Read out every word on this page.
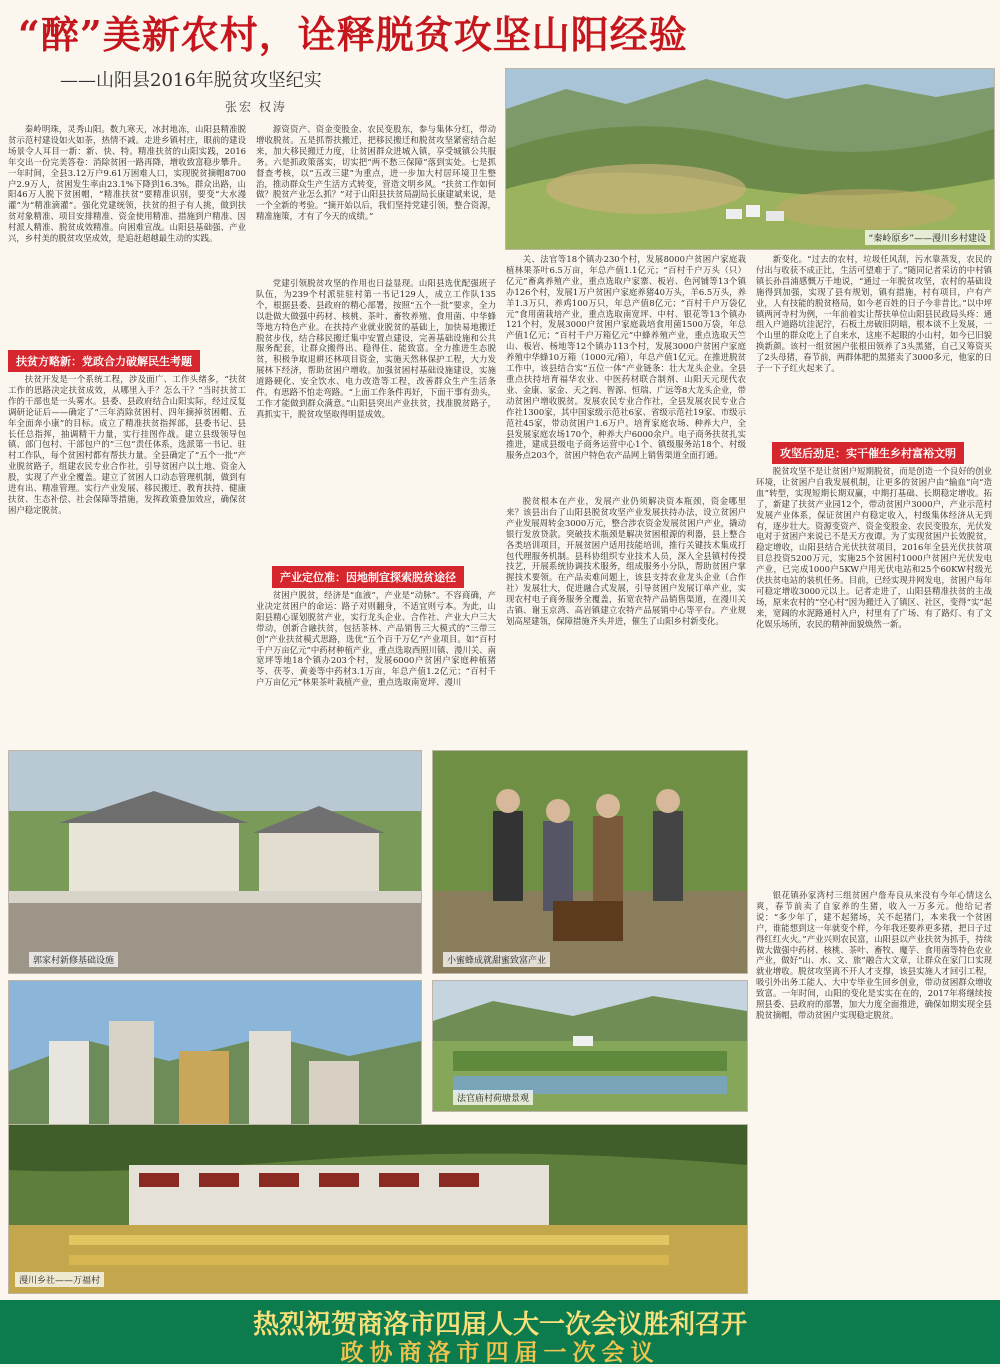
“醉”美新农村，诠释脱贫攻坚山阳经验
——山阳县2016年脱贫攻坚纪实
张宏 权涛
“秦岭原乡”——漫川乡村建设

秦岭明珠，灵秀山阳。数九寒天，冰封地冻，山阳县精准脱贫示范村建设如火如荼，热情不减。走进乡镇村庄，眼前的建设场景令人耳目一新：新、快、特。精准扶贫的山阳实践，2016年交出一份完美答卷：消除贫困一路再降，增收致富稳步攀升。一年时间，全县3.12万户9.61万困难人口，实现脱贫摘帽8700户2.9万人，贫困发生率由23.1%下降到16.3%。群众出路，山阳46万人脱下贫困帽，“精准扶贫”要精准识别，要变“大水漫灌”为“精准滴灌”。强化党建统领，扶贫的担子有人挑，做到扶贫对象精准、项目安排精准、资金使用精准、措施到户精准、因村派人精准、脱贫成效精准。向困难宣战。山阳县基础强、产业兴，乡村美的脱贫攻坚成效，是追赶超越最生动的实践。

扶贫方略新：党政合力破解民生考题

扶贫开发是一个系统工程，涉及面广、工作头绪多，“扶贫工作的思路决定扶贫成效，从哪里入手？怎么干？”当时扶贫工作的干部也是一头雾水。县委、县政府结合山阳实际，经过反复调研论证后——确定了“三年消除贫困村、四年摘掉贫困帽、五年全面奔小康”的目标。成立了精准扶贫指挥部，县委书记、县长任总指挥，抽调精干力量，实行挂图作战。建立县级领导包镇、部门包村、干部包户的“三包”责任体系，选派第一书记、驻村工作队，每个贫困村都有帮扶力量。全县确定了“五个一批”产业脱贫路子，组建农民专业合作社，引导贫困户以土地、资金入股，实现了产业全覆盖。建立了贫困人口动态管理机制，做到有进有出、精准管理。实行产业发展、移民搬迁、教育扶持、健康扶贫、生态补偿、社会保障等措施，发挥政策叠加效应，确保贫困户稳定脱贫。

源资资产、资金变股金、农民变股东，参与集体分红，带动增收脱贫。五是抓帮扶搬迁，把移民搬迁和脱贫攻坚紧密结合起来，加大移民搬迁力度，让贫困群众进城入镇，享受城镇公共服务。六是抓政策落实，切实把“两不愁三保障”落到实处。七是抓督查考核，以“五改三建”为重点，进一步加大村居环境卫生整治，推动群众生产生活方式转变，营造文明乡风。“扶贫工作如何做？脱贫产业怎么抓？”对于山阳县扶贫局副局长康建斌来说，是一个全新的考验。“摘开始以后，我们坚持党建引领，整合资源，精准施策，才有了今天的成绩。”

党建引领脱贫攻坚的作用也日益显现。山阳县选优配强班子队伍，为239个村派驻驻村第一书记129人，成立工作队135个，根据县委、县政府的精心部署，按照“五个一批”要求，全力以赴做大做强中药材、核桃、茶叶、畜牧养殖、食用菌、中华蜂等地方特色产业。在扶持产业就业脱贫的基础上，加快易地搬迁脱贫步伐，结合移民搬迁集中安置点建设，完善基础设施和公共服务配套，让群众搬得出、稳得住、能致富。全力推进生态脱贫，积极争取退耕还林项目资金，实施天然林保护工程，大力发展林下经济，帮助贫困户增收。加强贫困村基础设施建设，实施道路硬化、安全饮水、电力改造等工程，改善群众生产生活条件。有思路不怕走弯路。“上面工作条件再好，下面干事有劲头，工作才能做到群众满意。”山阳县突出产业扶贫，找准脱贫路子，真抓实干，脱贫攻坚取得明显成效。

产业定位准：因地制宜探索脱贫途径

贫困户脱贫，经济是“血液”，产业是“动脉”。不容商确，产业决定贫困户的命运：路子对则翻身，不适宜则亏本。为此，山阳县精心谋划脱贫产业，实行龙头企业、合作社、产业大户三大带动，创新合融扶贫，包括茶林、产品销售三大模式的“三带三创”产业扶贫模式思路，选优“五个百千万亿”产业项目。如“百村千户万亩亿元”中药材种植产业，重点选取西照川镇、漫川关、南宽坪等地18个镇办203个村，发展6000户贫困户家庭种植猪苓、茯苓、黄姜等中药材3.1万亩，年总产值1.2亿元；“百村千户万亩亿元”林果茶叶栽植产业，重点选取南宽坪、漫川

关、法官等18个镇办230个村，发展8000户贫困户家庭栽植林果茶叶6.5万亩，年总产值1.1亿元；“百村千户万头（只）亿元”畜禽养殖产业，重点选取户家寨、板岩、色河铺等13个镇办126个村，发展1万户贫困户家庭养猪40万头，羊6.5万头，养羊1.3万只，养鸡100万只，年总产值8亿元；“百村千户万袋亿元”食用菌栽培产业，重点选取南宽坪、中村、银花等13个镇办121个村，发展3000户贫困户家庭栽培食用菌1500万袋，年总产值1亿元；“百村千户万箱亿元”中蜂养殖产业，重点选取天竺山、板岩、杨地等12个镇办113个村，发展3000户贫困户家庭养殖中华蜂10万箱（1000元/箱），年总产值1亿元。在推进脱贫工作中，该县结合实“五位一体”产业链条：壮大龙头企业。全县重点扶持培育福华农业、中医药材联合制剂、山阳天元现代农业、金康、家金、天之润、智源、恒瑞、广远等8大龙头企业，带动贫困户增收脱贫。发展农民专业合作社，全县发展农民专业合作社1300家，其中国家级示范社6家、省级示范社19家、市级示范社45家，带动贫困户1.6万户。培育家庭农场、种养大户，全县发展家庭农场170个，种养大户6000余户。电子商务扶贫扎实推进，建成县级电子商务运营中心1个、镇级服务站18个、村级服务点203个，贫困户特色农产品网上销售渠道全面打通。

脱贫根本在产业，发展产业仍须解决资本瓶颈，资金哪里来？该县出台了山阳县脱贫攻坚产业发展扶持办法，设立贫困户产业发展周转金3000万元，整合涉农资金发展贫困户产业，撬动银行发放贷款。突破技术瓶颈是解决贫困根源的利器，县上整合各类培训项目，开展贫困户适用技能培训，推行关键技术集成打包代理服务机制。县科协组织专业技术人员，深入全县镇村传授技艺，开展系统协调技术服务，组成服务小分队，帮助贫困户掌握技术要领。在产品卖难问题上，该县支持农业龙头企业（合作社）发展壮大，促进融合式发展，引导贫困户发展订单产业，实现农村电子商务服务全覆盖，拓宽农特产品销售渠道，在漫川关古镇、谢玉京湾、高岩镇建立农特产品展销中心等平台。产业规划高屋建瓴，保障措施齐头并进，催生了山阳乡村新变化。

新变化。“过去的农村，垃圾任风刮，污水靠蒸发，农民的付出与收获不成正比，生活可望难于了。”随同记者采访的中村镇镇长孙昌浦感慨万千地说，“通过一年脱贫攻坚，农村的基础设施得到加强，实现了县有规划，镇有措施，村有项目，户有产业，人有技能的脱贫格局，如今老百姓的日子今非昔比。”以中坪镇两河寺村为例，一年前着实让帮扶单位山阳县民政局头疼：通组入户道路坑洼泥泞，石板土房破旧阴暗，根本谈不上发展，一个山里的群众吃上了自来水，这座不起眼的小山村，如今已旧貌换新颜。该村一组贫困户张根田领养了3头黑猪，自己又筹资买了2头母猪，春节前，两群体肥的黑猪卖了3000多元，他家的日子一下子红火起来了。

攻坚后劲足：实干催生乡村富裕文明

脱贫攻坚不是让贫困户短期脱贫，而是创造一个良好的创业环境，让贫困户自我发展机制，让更多的贫困户由“输血”向“造血”转型，实现短期长期双赢，中期打基础、长期稳定增收。拓了，新建了扶贫产业园12个，带动贫困户3000户，产业示范村发展产业体系，保证贫困户有稳定收入，村级集体经济从无到有，逐步壮大。资源变资产、资金变股金、农民变股东，光伏发电对于贫困户来说已不是天方夜谭。为了实现贫困户长效脱贫，稳定增收，山阳县结合光伏扶贫项目，2016年全县光伏扶贫项目总投资5200万元，实施25个贫困村1000户贫困户光伏发电产业，已完成1000户5KW户用光伏电站和25个60KW村级光伏扶贫电站的装机任务。目前，已经实现并网发电，贫困户每年可稳定增收3000元以上。记者走进了，山阳县精准扶贫的主战场，原来农村的“空心村”因为搬迁入了镇区、社区，变得“实”起来，宽阔的水泥路通村入户，村里有了广场、有了路灯、有了文化娱乐场所，农民的精神面貌焕然一新。

银花镇孙家湾村三组贫困户詹寿良从来没有今年心情这么爽，春节前卖了自家养的生猪，收入一万多元。他给记者说：“多少年了，建不起猪场，关不起猪门，本来我一个贫困户，谁能想到这一年就变个样，今年我还要养更多猪，把日子过得红红火火。”产业兴则农民富，山阳县以产业扶贫为抓手，持续做大做强中药材、核桃、茶叶、畜牧、魔芋、食用菌等特色农业产业，做好“山、水、文、旅”融合大文章，让群众在家门口实现就业增收。脱贫攻坚离不开人才支撑，该县实施人才回引工程，吸引外出务工能人、大中专毕业生回乡创业，带动贫困群众增收致富。一年时间，山阳的变化是实实在在的，2017年将继续按照县委、县政府的部署，加大力度全面推进，确保如期实现全县脱贫摘帽，带动贫困户实现稳定脱贫。

郭家村新修基础设施	小蜜蜂成就甜蜜致富产业
法官庙村荷塘景观
漫川乡社——万福村
热烈祝贺商洛市四届人大一次会议胜利召开
政协商洛市四届一次会议
